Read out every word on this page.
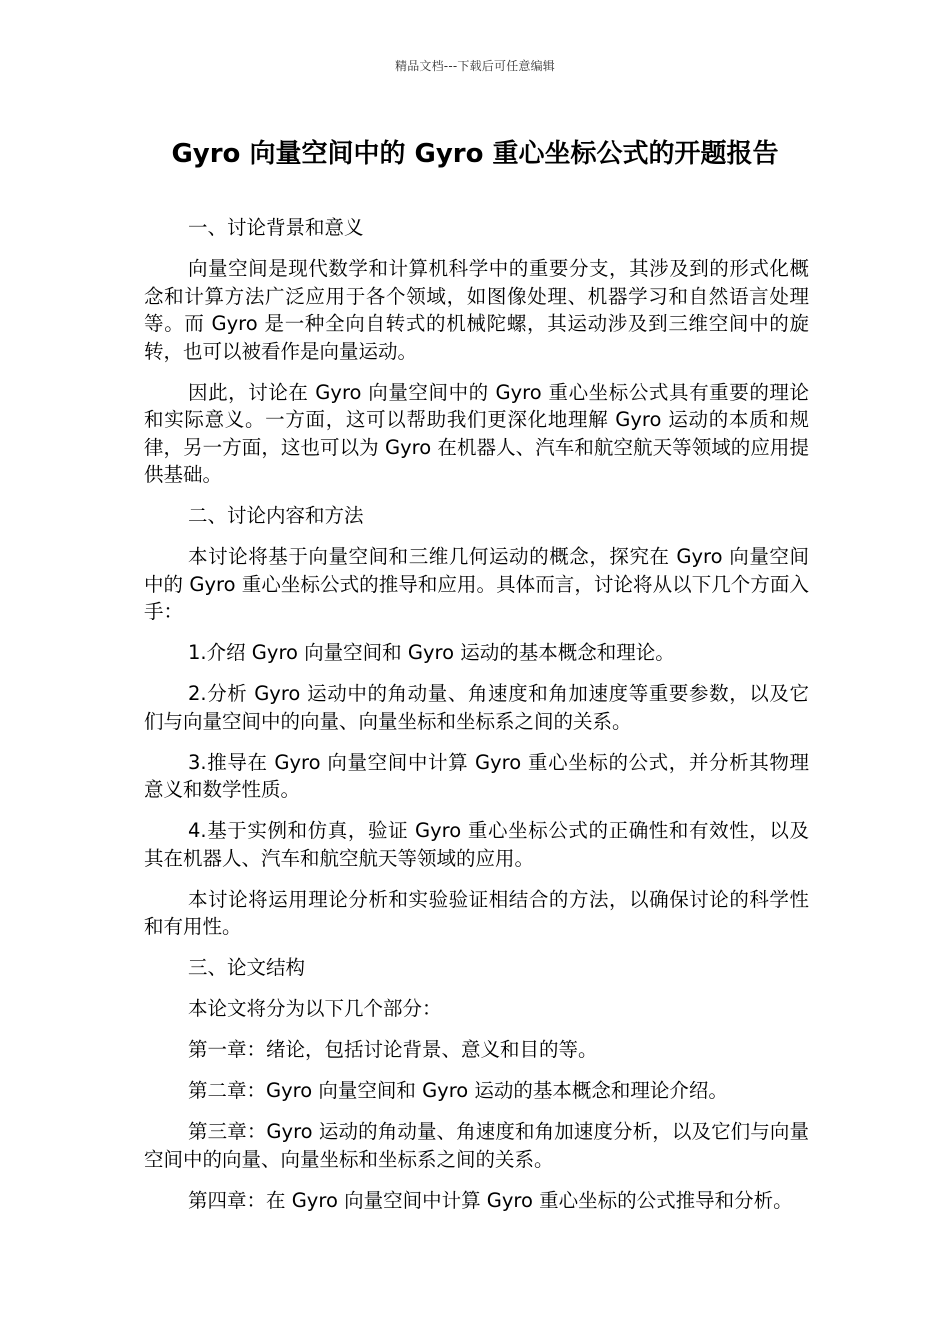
精品文档---下载后可任意编辑
Gyro 向量空间中的 Gyro 重心坐标公式的开题报告

一、讨论背景和意义

向量空间是现代数学和计算机科学中的重要分支，其涉及到的形式化概念和计算方法广泛应用于各个领域，如图像处理、机器学习和自然语言处理等。而 Gyro 是一种全向自转式的机械陀螺，其运动涉及到三维空间中的旋转，也可以被看作是向量运动。

因此，讨论在 Gyro 向量空间中的 Gyro 重心坐标公式具有重要的理论和实际意义。一方面，这可以帮助我们更深化地理解 Gyro 运动的本质和规律，另一方面，这也可以为 Gyro 在机器人、汽车和航空航天等领域的应用提供基础。

二、讨论内容和方法

本讨论将基于向量空间和三维几何运动的概念，探究在 Gyro 向量空间中的 Gyro 重心坐标公式的推导和应用。具体而言，讨论将从以下几个方面入手：

1.介绍 Gyro 向量空间和 Gyro 运动的基本概念和理论。

2.分析 Gyro 运动中的角动量、角速度和角加速度等重要参数，以及它们与向量空间中的向量、向量坐标和坐标系之间的关系。

3.推导在 Gyro 向量空间中计算 Gyro 重心坐标的公式，并分析其物理意义和数学性质。

4.基于实例和仿真，验证 Gyro 重心坐标公式的正确性和有效性，以及其在机器人、汽车和航空航天等领域的应用。

本讨论将运用理论分析和实验验证相结合的方法，以确保讨论的科学性和有用性。

三、论文结构

本论文将分为以下几个部分：

第一章：绪论，包括讨论背景、意义和目的等。

第二章：Gyro 向量空间和 Gyro 运动的基本概念和理论介绍。

第三章：Gyro 运动的角动量、角速度和角加速度分析，以及它们与向量空间中的向量、向量坐标和坐标系之间的关系。

第四章：在 Gyro 向量空间中计算 Gyro 重心坐标的公式推导和分析。
